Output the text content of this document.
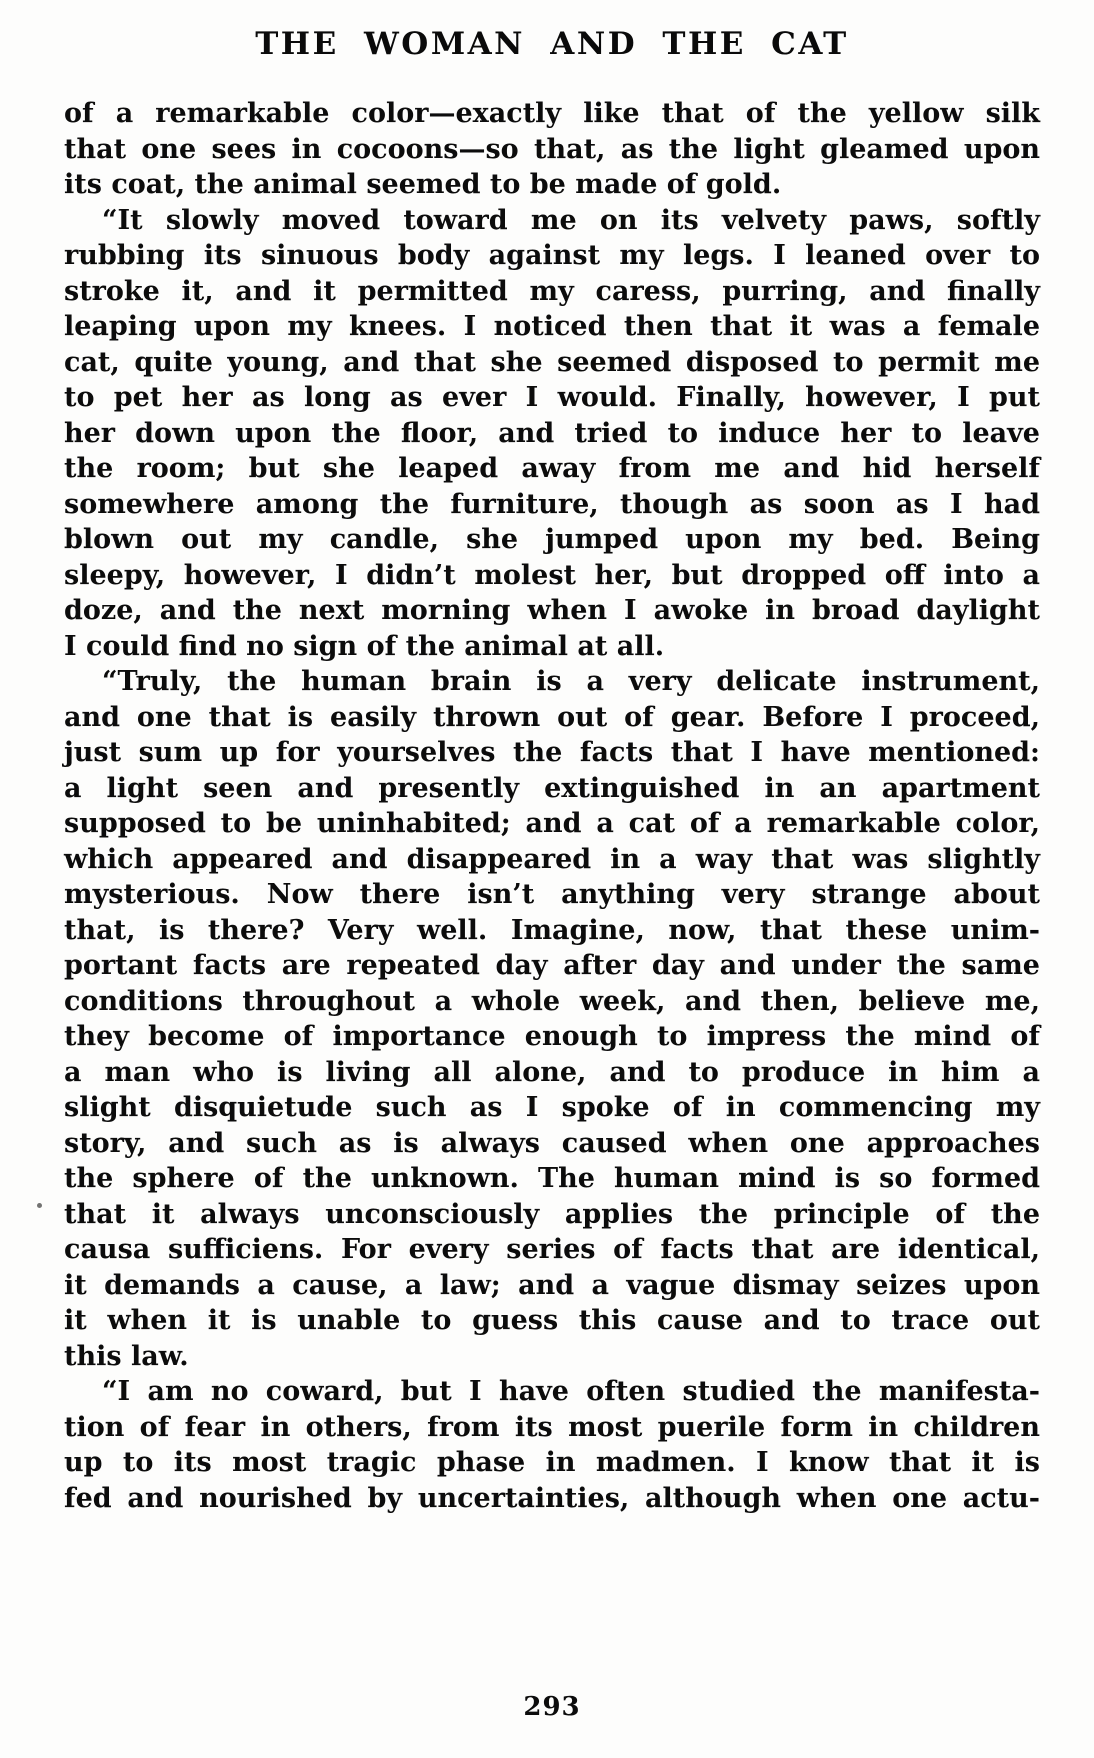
THE WOMAN AND THE CAT
of a remarkable color—exactly like that of the yellow silk
that one sees in cocoons—so that, as the light gleamed upon
its coat, the animal seemed to be made of gold.
“It slowly moved toward me on its velvety paws, softly
rubbing its sinuous body against my legs. I leaned over to
stroke it, and it permitted my caress, purring, and finally
leaping upon my knees. I noticed then that it was a female
cat, quite young, and that she seemed disposed to permit me
to pet her as long as ever I would. Finally, however, I put
her down upon the floor, and tried to induce her to leave
the room; but she leaped away from me and hid herself
somewhere among the furniture, though as soon as I had
blown out my candle, she jumped upon my bed. Being
sleepy, however, I didn’t molest her, but dropped off into a
doze, and the next morning when I awoke in broad daylight
I could find no sign of the animal at all.
“Truly, the human brain is a very delicate instrument,
and one that is easily thrown out of gear. Before I proceed,
just sum up for yourselves the facts that I have mentioned:
a light seen and presently extinguished in an apartment
supposed to be uninhabited; and a cat of a remarkable color,
which appeared and disappeared in a way that was slightly
mysterious. Now there isn’t anything very strange about
that, is there? Very well. Imagine, now, that these unim-
portant facts are repeated day after day and under the same
conditions throughout a whole week, and then, believe me,
they become of importance enough to impress the mind of
a man who is living all alone, and to produce in him a
slight disquietude such as I spoke of in commencing my
story, and such as is always caused when one approaches
the sphere of the unknown. The human mind is so formed
that it always unconsciously applies the principle of the
causa sufficiens. For every series of facts that are identical,
it demands a cause, a law; and a vague dismay seizes upon
it when it is unable to guess this cause and to trace out
this law.
“I am no coward, but I have often studied the manifesta-
tion of fear in others, from its most puerile form in children
up to its most tragic phase in madmen. I know that it is
fed and nourished by uncertainties, although when one actu-
293
